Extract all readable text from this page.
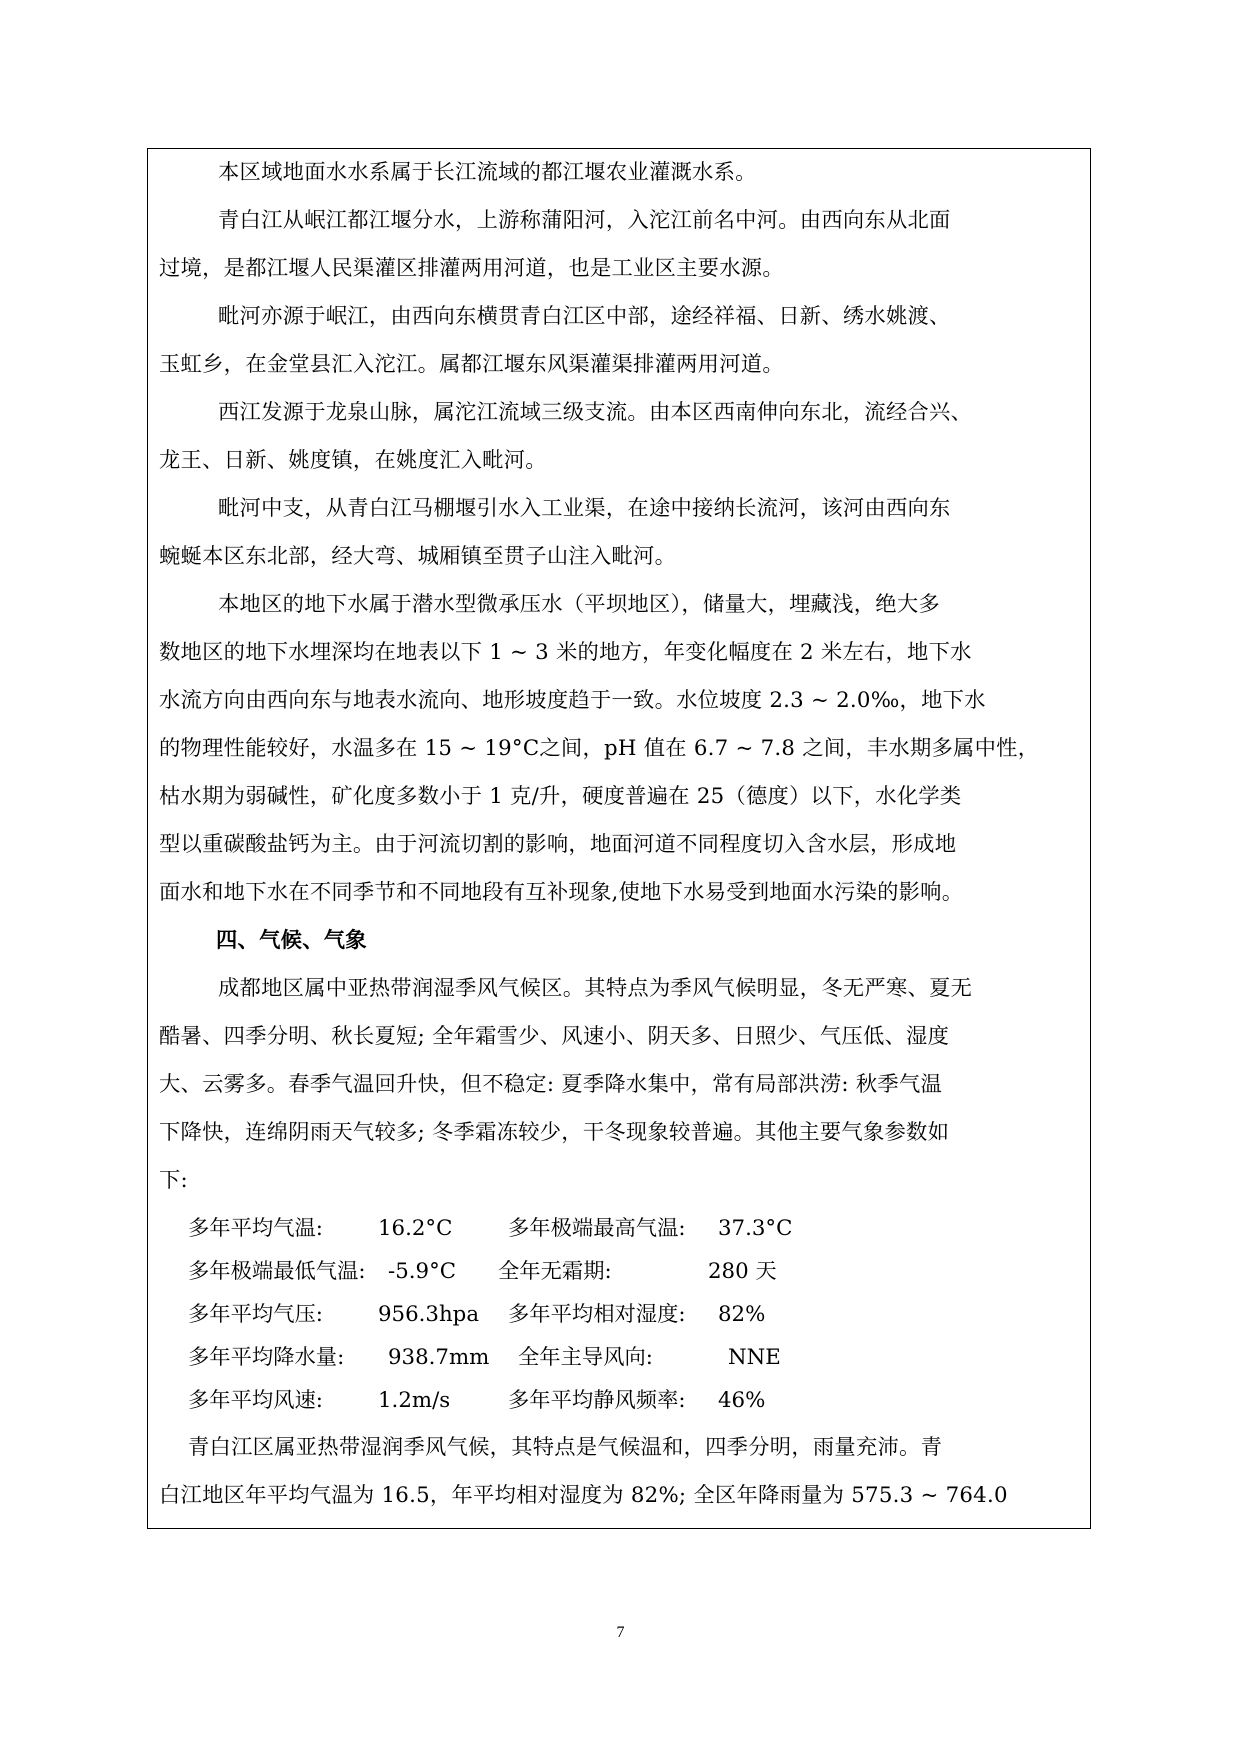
本区域地面水水系属于长江流域的都江堰农业灌溉水系。
青白江从岷江都江堰分水，上游称蒲阳河，入沱江前名中河。由西向东从北面
过境，是都江堰人民渠灌区排灌两用河道，也是工业区主要水源。
毗河亦源于岷江，由西向东横贯青白江区中部，途经祥福、日新、绣水姚渡、
玉虹乡，在金堂县汇入沱江。属都江堰东风渠灌渠排灌两用河道。
西江发源于龙泉山脉，属沱江流域三级支流。由本区西南伸向东北，流经合兴、
龙王、日新、姚度镇，在姚度汇入毗河。
毗河中支，从青白江马棚堰引水入工业渠，在途中接纳长流河，该河由西向东
蜿蜒本区东北部，经大弯、城厢镇至贯子山注入毗河。
本地区的地下水属于潜水型微承压水（平坝地区），储量大，埋藏浅，绝大多
数地区的地下水埋深均在地表以下 1 ~ 3 米的地方，年变化幅度在 2 米左右，地下水
水流方向由西向东与地表水流向、地形坡度趋于一致。水位坡度 2.3 ~ 2.0‰，地下水
的物理性能较好，水温多在 15 ~ 19°C之间，pH 值在 6.7 ~ 7.8 之间，丰水期多属中性，
枯水期为弱碱性，矿化度多数小于 1 克/升，硬度普遍在 25（德度）以下，水化学类
型以重碳酸盐钙为主。由于河流切割的影响，地面河道不同程度切入含水层，形成地
面水和地下水在不同季节和不同地段有互补现象,使地下水易受到地面水污染的影响。
四、气候、气象
成都地区属中亚热带润湿季风气候区。其特点为季风气候明显，冬无严寒、夏无
酷暑、四季分明、秋长夏短; 全年霜雪少、风速小、阴天多、日照少、气压低、湿度
大、云雾多。春季气温回升快，但不稳定: 夏季降水集中，常有局部洪涝: 秋季气温
下降快，连绵阴雨天气较多; 冬季霜冻较少，干冬现象较普遍。其他主要气象参数如
下:
多年平均气温:	16.2°C	多年极端最高气温: 37.3°C
多年极端最低气温: -5.9°C 全年无霜期:	280 天
多年平均气压:	956.3hpa 多年平均相对湿度: 82%
多年平均降水量: 938.7mm 全年主导风向:	NNE
多年平均风速:	1.2m/s	多年平均静风频率: 46%
青白江区属亚热带湿润季风气候，其特点是气候温和，四季分明，雨量充沛。青
白江地区年平均气温为 16.5，年平均相对湿度为 82%; 全区年降雨量为 575.3 ~ 764.0
7
